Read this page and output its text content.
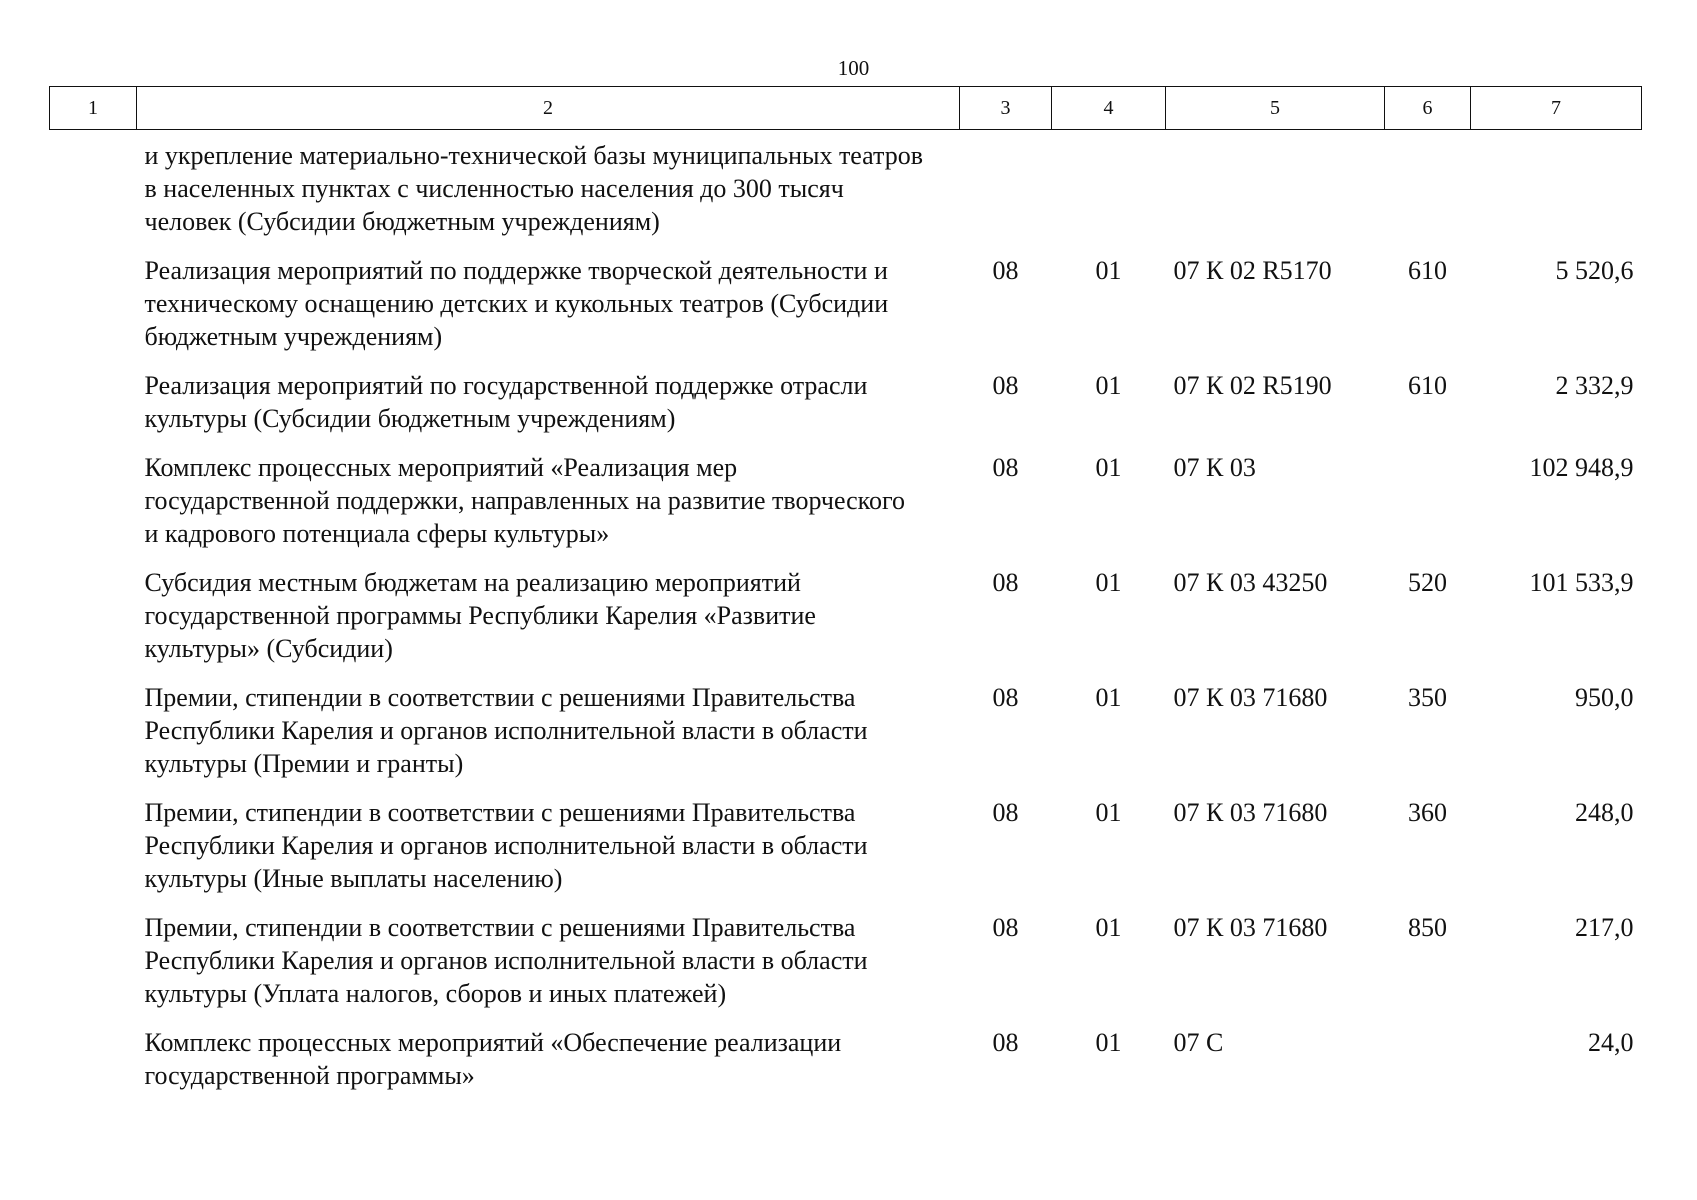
100
1	2	3	4	5	6	7

и укрепление материально-технической базы муниципальных театров в населенных пунктах с численностью населения до 300 тысяч человек (Субсидии бюджетным учреждениям)						

Реализация мероприятий по поддержке творческой деятельности и техническому оснащению детских и кукольных театров (Субсидии бюджетным учреждениям)		08	01	07 К 02 R5170	610	5 520,6

Реализация мероприятий по государственной поддержке отрасли культуры (Субсидии бюджетным учреждениям)		08	01	07 К 02 R5190	610	2 332,9

Комплекс процессных мероприятий «Реализация мер государственной поддержки, направленных на развитие творческого и кадрового потенциала сферы культуры»		08	01	07 К 03		102 948,9

Субсидия местным бюджетам на реализацию мероприятий государственной программы Республики Карелия «Развитие культуры» (Субсидии)		08	01	07 К 03 43250	520	101 533,9

Премии, стипендии в соответствии с решениями Правительства Республики Карелия и органов исполнительной власти в области культуры (Премии и гранты)		08	01	07 К 03 71680	350	950,0

Премии, стипендии в соответствии с решениями Правительства Республики Карелия и органов исполнительной власти в области культуры (Иные выплаты населению)		08	01	07 К 03 71680	360	248,0

Премии, стипендии в соответствии с решениями Правительства Республики Карелия и органов исполнительной власти в области культуры (Уплата налогов, сборов и иных платежей)		08	01	07 К 03 71680	850	217,0

Комплекс процессных мероприятий «Обеспечение реализации государственной программы»		08	01	07 С		24,0
